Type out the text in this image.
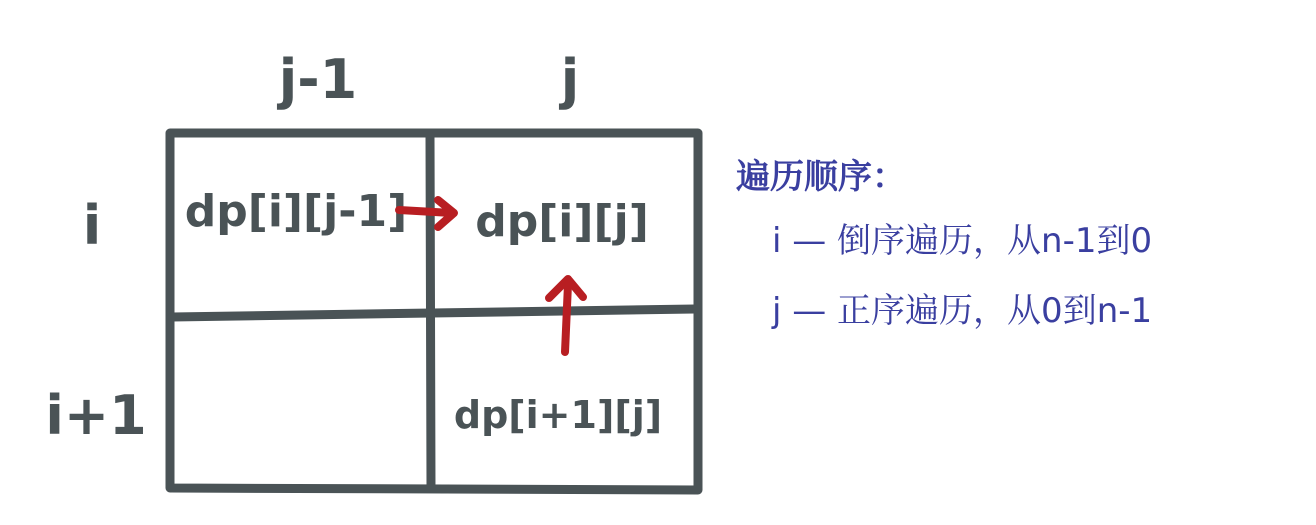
j-1	j
i
i+1
dp[i][j-1] dp[i][j]
dp[i+1][j]
遍历顺序：
i — 倒序遍历，从n-1到0
j — 正序遍历，从0到n-1
